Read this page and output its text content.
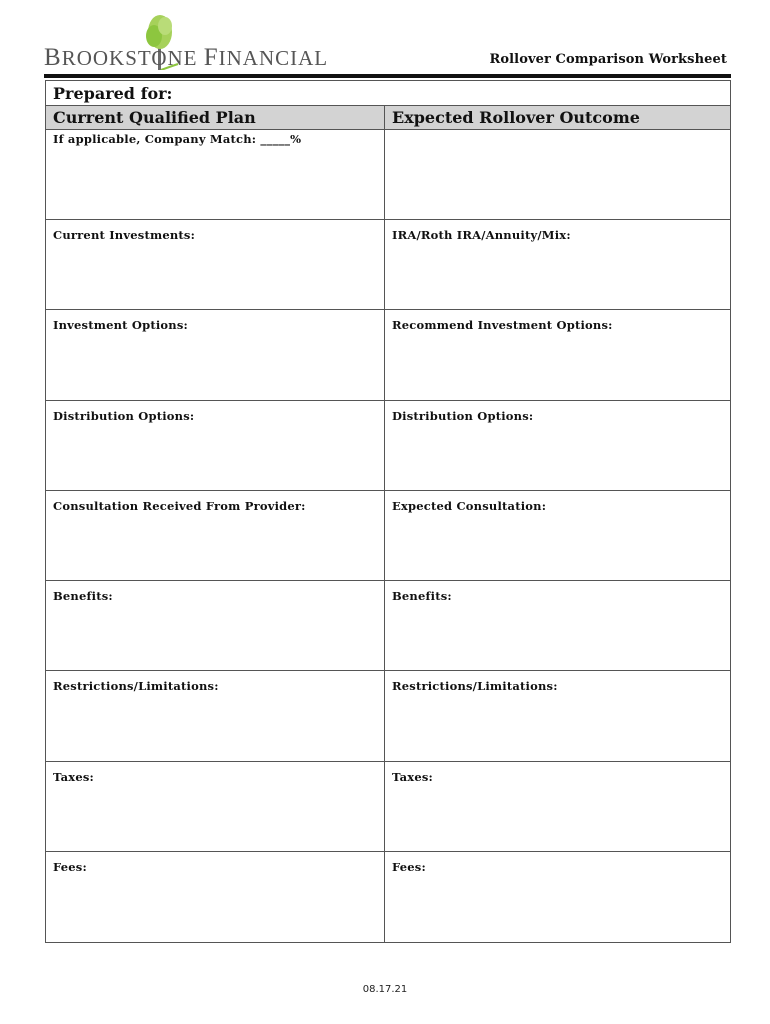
BROOKSTONE FINANCIAL	Rollover Comparison Worksheet
Prepared for:
Current Qualified Plan	Expected Rollover Outcome
If applicable, Company Match: _____%
Current Investments:	IRA/Roth IRA/Annuity/Mix:
Investment Options:	Recommend Investment Options:
Distribution Options:	Distribution Options:
Consultation Received From Provider:	Expected Consultation:
Benefits:	Benefits:
Restrictions/Limitations:	Restrictions/Limitations:
Taxes:	Taxes:
Fees:	Fees:
08.17.21
